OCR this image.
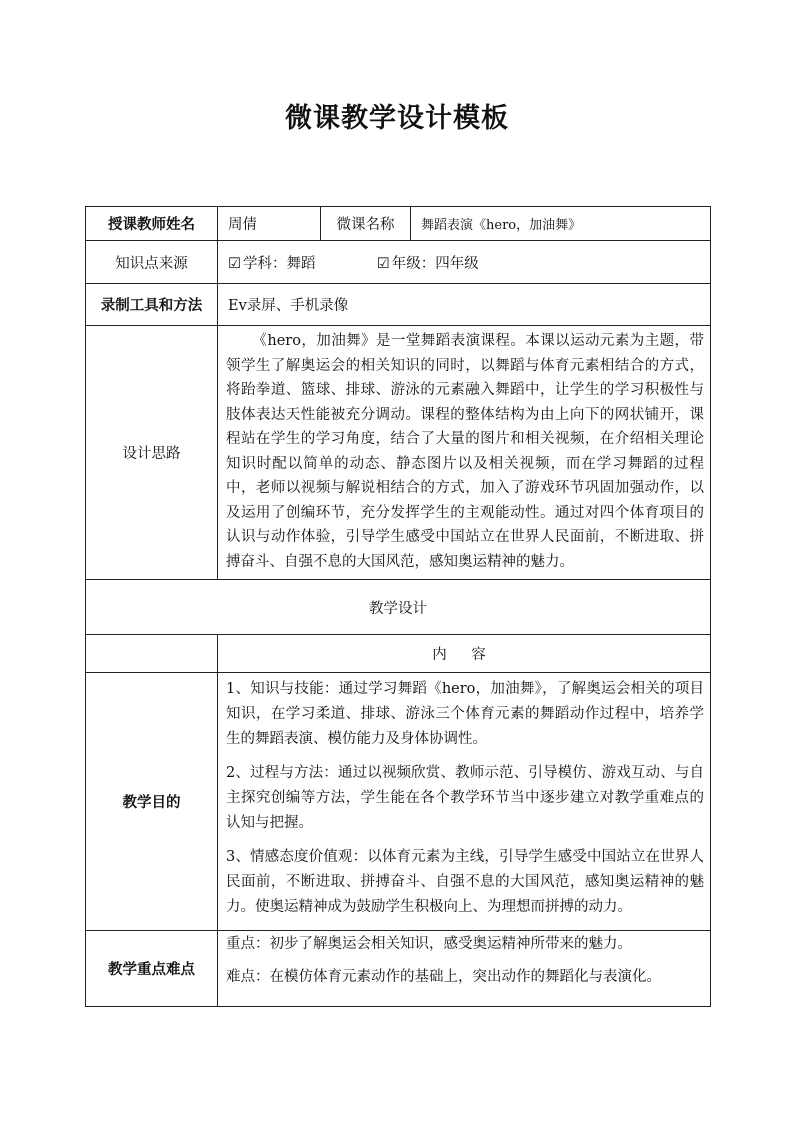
微课教学设计模板
授课教师姓名	周倩	微课名称	舞蹈表演《hero，加油舞》
知识点来源	☑ 学科：舞蹈 ☑ 年级：四年级		
录制工具和方法	Ev录屏、手机录像		
设计思路	《hero，加油舞》是一堂舞蹈表演课程。本课以运动元素为主题，带领学生了解奥运会的相关知识的同时，以舞蹈与体育元素相结合的方式，将跆拳道、篮球、排球、游泳的元素融入舞蹈中，让学生的学习积极性与肢体表达天性能被充分调动。课程的整体结构为由上向下的网状铺开，课程站在学生的学习角度，结合了大量的图片和相关视频，在介绍相关理论知识时配以简单的动态、静态图片以及相关视频，而在学习舞蹈的过程中，老师以视频与解说相结合的方式，加入了游戏环节巩固加强动作，以及运用了创编环节，充分发挥学生的主观能动性。通过对四个体育项目的认识与动作体验，引导学生感受中国站立在世界人民面前，不断进取、拼搏奋斗、自强不息的大国风范，感知奥运精神的魅力。		
教学设计			
	内 容		
教学目的	1、知识与技能：通过学习舞蹈《hero，加油舞》，了解奥运会相关的项目知识，在学习柔道、排球、游泳三个体育元素的舞蹈动作过程中，培养学生的舞蹈表演、模仿能力及身体协调性。

2、过程与方法：通过以视频欣赏、教师示范、引导模仿、游戏互动、与自主探究创编等方法，学生能在各个教学环节当中逐步建立对教学重难点的认知与把握。

3、情感态度价值观：以体育元素为主线，引导学生感受中国站立在世界人民面前，不断进取、拼搏奋斗、自强不息的大国风范，感知奥运精神的魅力。使奥运精神成为鼓励学生积极向上、为理想而拼搏的动力。		

教学重点难点	重点：初步了解奥运会相关知识，感受奥运精神所带来的魅力。

难点：在模仿体育元素动作的基础上，突出动作的舞蹈化与表演化。		
